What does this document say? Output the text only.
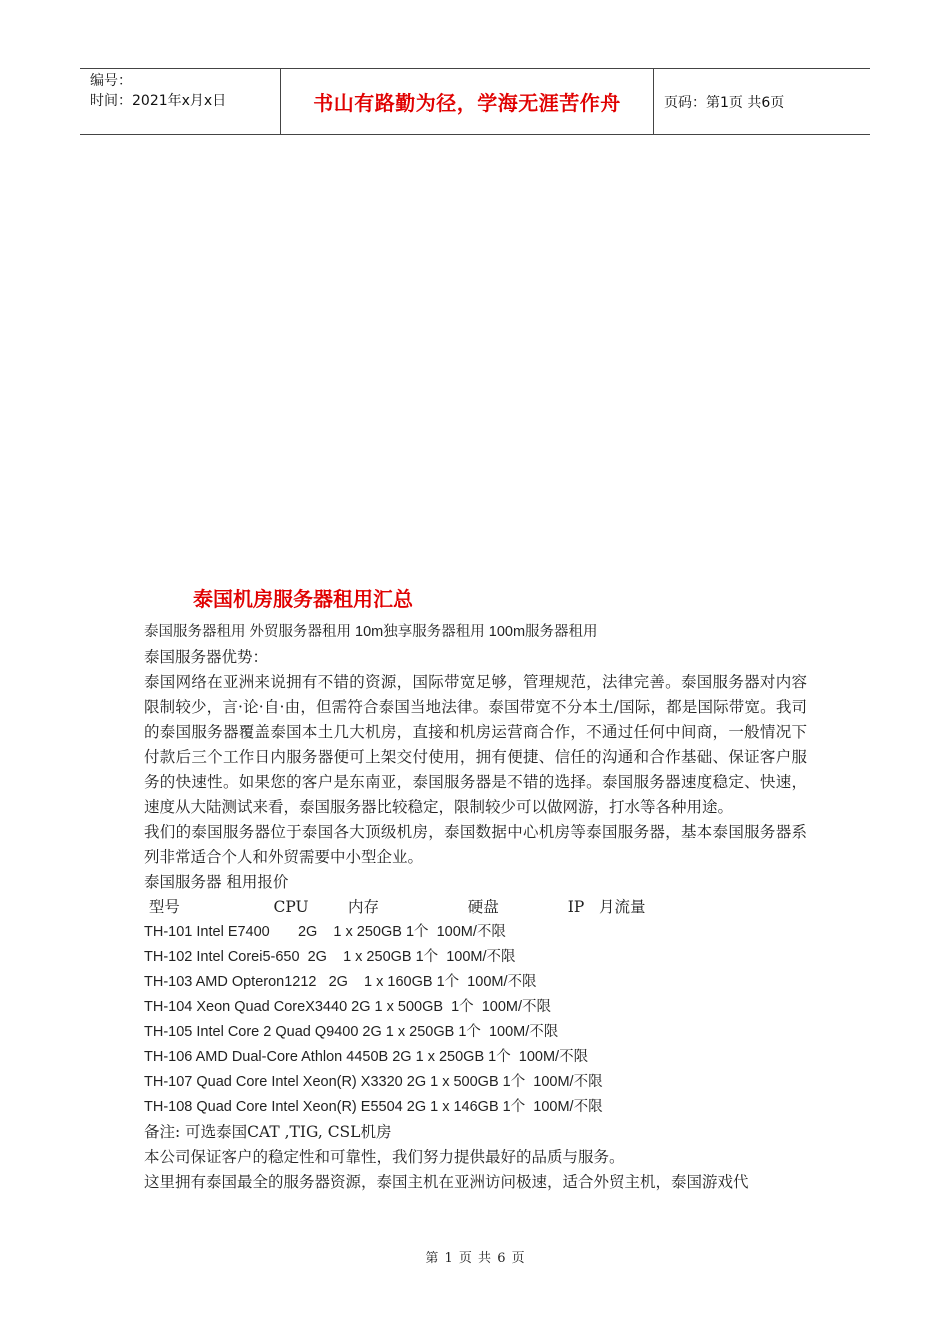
编号：
时间：2021年x月x日	书山有路勤为径，学海无涯苦作舟	页码：第1页 共6页
泰国机房服务器租用汇总

泰国服务器租用 外贸服务器租用 10m独享服务器租用 100m服务器租用

泰国服务器优势：

泰国网络在亚洲来说拥有不错的资源，国际带宽足够，管理规范，法律完善。泰国服务器对内容限制较少，言·论·自·由，但需符合泰国当地法律。泰国带宽不分本土/国际，都是国际带宽。我司的泰国服务器覆盖泰国本土几大机房，直接和机房运营商合作，不通过任何中间商，一般情况下付款后三个工作日内服务器便可上架交付使用，拥有便捷、信任的沟通和合作基础、保证客户服务的快速性。如果您的客户是东南亚，泰国服务器是不错的选择。泰国服务器速度稳定、快速，速度从大陆测试来看，泰国服务器比较稳定，限制较少可以做网游，打水等各种用途。

我们的泰国服务器位于泰国各大顶级机房，泰国数据中心机房等泰国服务器，基本泰国服务器系列非常适合个人和外贸需要中小型企业。

泰国服务器 租用报价

型号                   CPU        内存                  硬盘              IP   月流量

TH-101 Intel E7400       2G    1 x 250GB 1个  100M/不限

TH-102 Intel Corei5-650  2G    1 x 250GB 1个  100M/不限

TH-103 AMD Opteron1212   2G    1 x 160GB 1个  100M/不限

TH-104 Xeon Quad CoreX3440 2G 1 x 500GB  1个  100M/不限

TH-105 Intel Core 2 Quad Q9400 2G 1 x 250GB 1个  100M/不限

TH-106 AMD Dual-Core Athlon 4450B 2G 1 x 250GB 1个  100M/不限

TH-107 Quad Core Intel Xeon(R) X3320 2G 1 x 500GB 1个  100M/不限

TH-108 Quad Core Intel Xeon(R) E5504 2G 1 x 146GB 1个  100M/不限

备注: 可选泰国CAT ,TIG, CSL机房

本公司保证客户的稳定性和可靠性，我们努力提供最好的品质与服务。

这里拥有泰国最全的服务器资源，泰国主机在亚洲访问极速，适合外贸主机，泰国游戏代

第 1 页 共 6 页
